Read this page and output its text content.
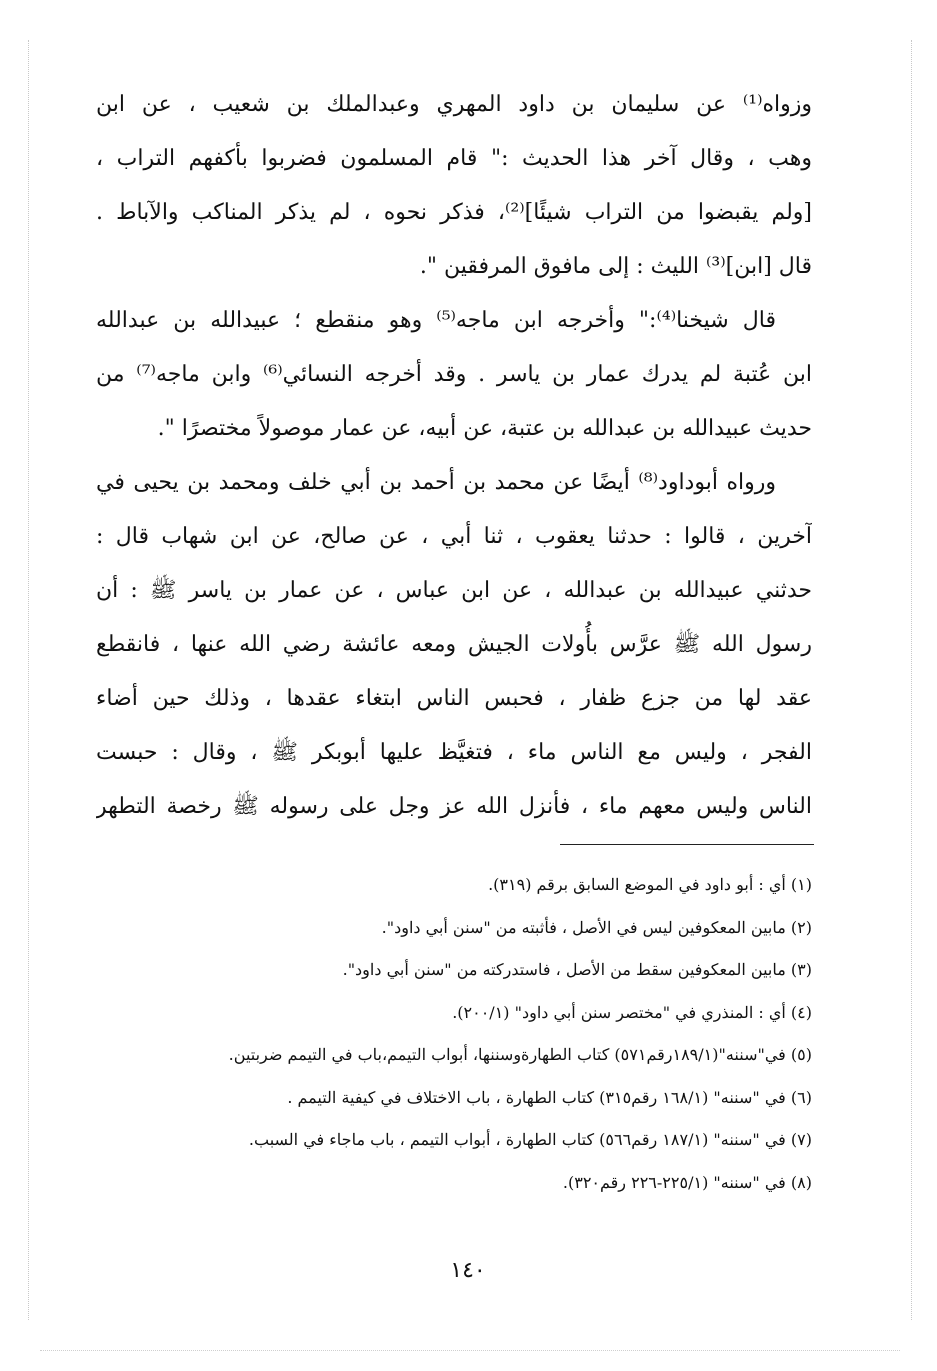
وزواه⁽¹⁾ عن سليمان بن داود المهري وعبدالملك بن شعيب ، عن ابن
وهب ، وقال آخر هذا الحديث :" قام المسلمون فضربوا بأكفهم التراب ،
[ولم يقبضوا من التراب شيئًا]⁽²⁾، فذكر نحوه ، لم يذكر المناكب والآباط .
قال [ابن]⁽³⁾ الليث : إلى مافوق المرفقين ".
قال شيخنا⁽⁴⁾:" وأخرجه ابن ماجه⁽⁵⁾ وهو منقطع ؛ عبيدالله بن عبدالله
ابن عُتبة لم يدرك عمار بن ياسر . وقد أخرجه النسائي⁽⁶⁾ وابن ماجه⁽⁷⁾ من
حديث عبيدالله بن عبدالله بن عتبة، عن أبيه، عن عمار موصولاً مختصرًا ".
ورواه أبوداود⁽⁸⁾ أيضًا عن محمد بن أحمد بن أبي خلف ومحمد بن يحيى في
آخرين ، قالوا : حدثنا يعقوب ، ثنا أبي ، عن صالح، عن ابن شهاب قال :
حدثني عبيدالله بن عبدالله ، عن ابن عباس ، عن عمار بن ياسر ﷺ : أن
رسول الله ﷺ عرَّس بأُولات الجيش ومعه عائشة رضي الله عنها ، فانقطع
عقد لها من جزع ظفار ، فحبس الناس ابتغاء عقدها ، وذلك حين أضاء
الفجر ، وليس مع الناس ماء ، فتغيَّظ عليها أبوبكر ﷺ ، وقال : حبست
الناس وليس معهم ماء ، فأنزل الله عز وجل على رسوله ﷺ رخصة التطهر
(١) أي : أبو داود في الموضع السابق برقم (٣١٩).
(٢) مابين المعكوفين ليس في الأصل ، فأثبته من "سنن أبي داود".
(٣) مابين المعكوفين سقط من الأصل ، فاستدركته من "سنن أبي داود".
(٤) أي : المنذري في "مختصر سنن أبي داود" (٢٠٠/١).
(٥) في"سننه"(١٨٩/١رقم٥٧١) كتاب الطهارةوسننها، أبواب التيمم،باب في التيمم ضربتين.
(٦) في "سننه" (١٦٨/١ رقم٣١٥) كتاب الطهارة ، باب الاختلاف في كيفية التيمم .
(٧) في "سننه" (١٨٧/١ رقم٥٦٦) كتاب الطهارة ، أبواب التيمم ، باب ماجاء في السبب.
(٨) في "سننه" (٢٢٥/١-٢٢٦ رقم٣٢٠).
١٤٠
